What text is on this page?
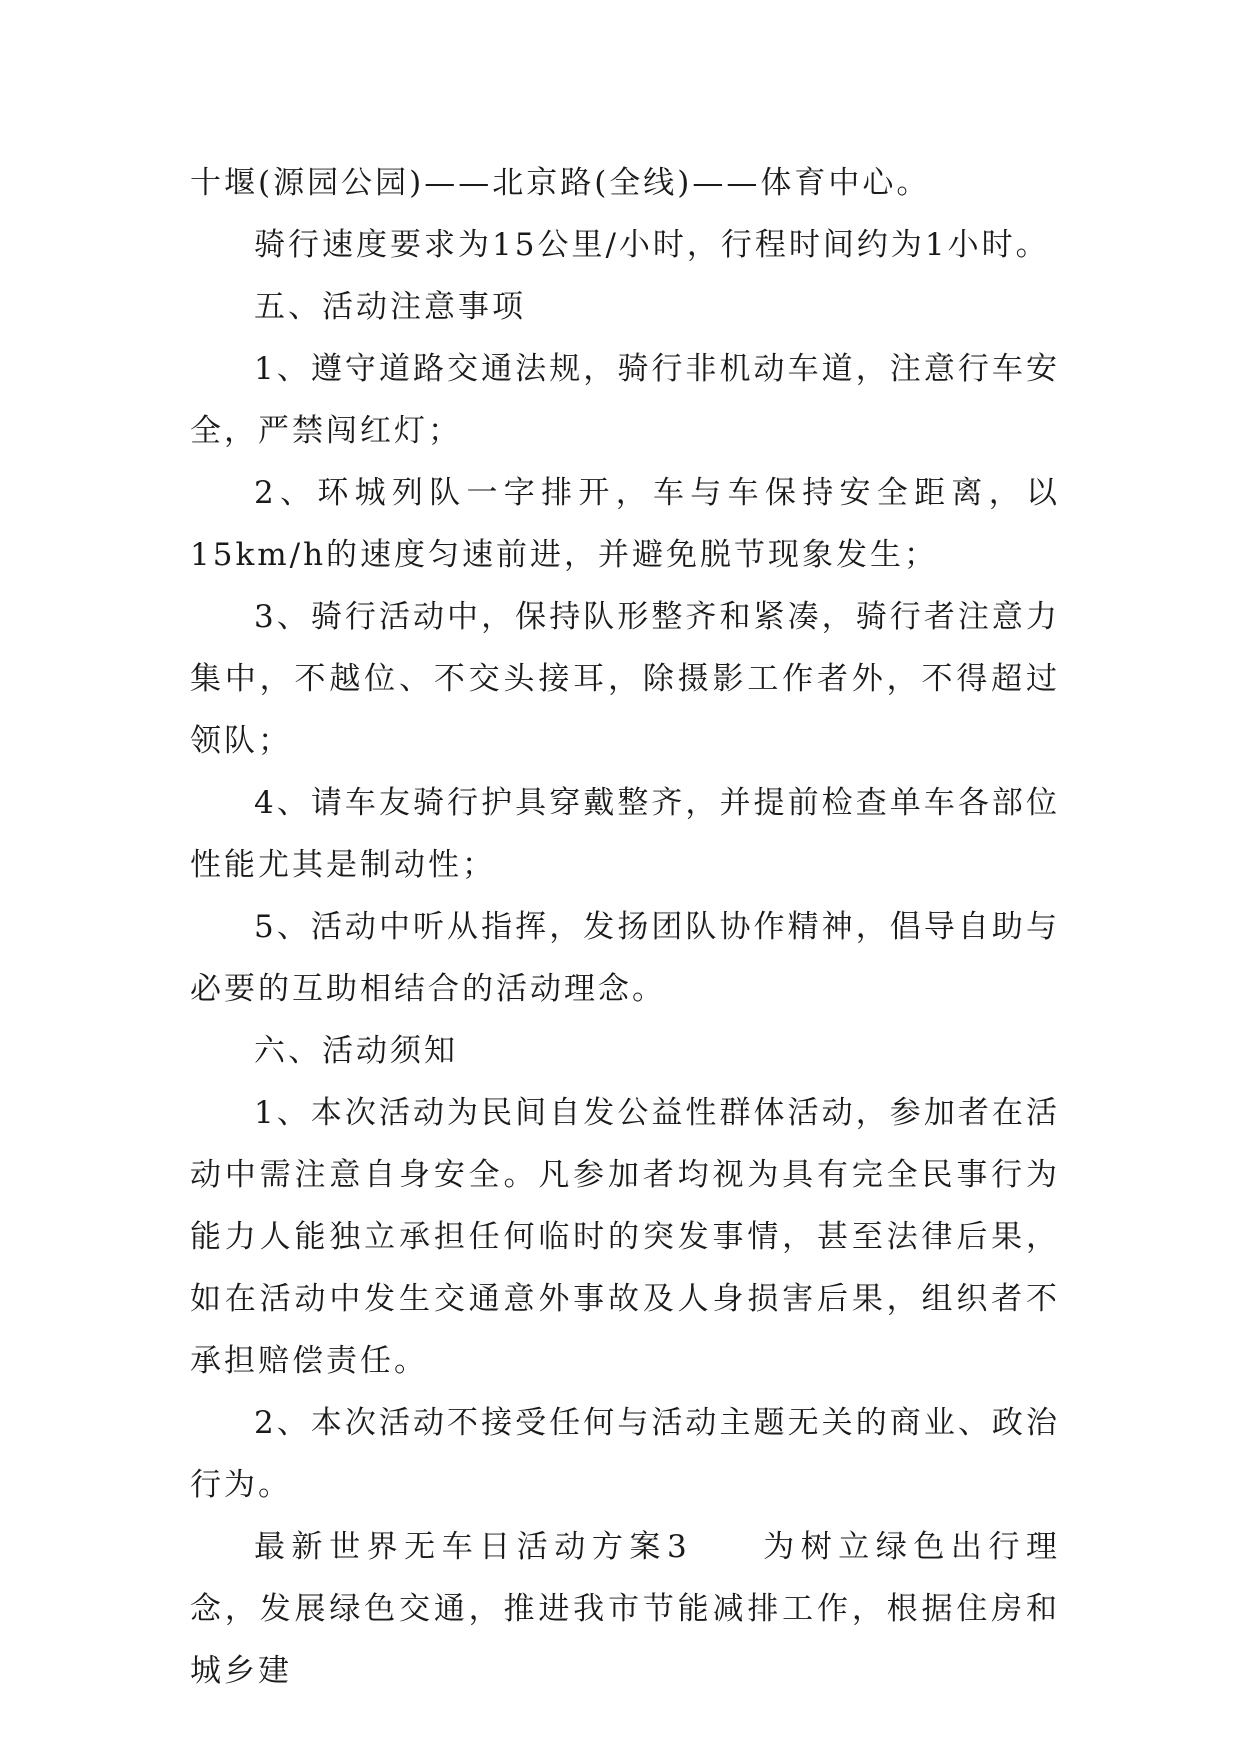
十堰(源园公园)——北京路(全线)——体育中心。

骑行速度要求为15公里/小时，行程时间约为1小时。

五、活动注意事项

1、遵守道路交通法规，骑行非机动车道，注意行车安全，严禁闯红灯；

2、环城列队一字排开，车与车保持安全距离，以15km/h的速度匀速前进，并避免脱节现象发生；

3、骑行活动中，保持队形整齐和紧凑，骑行者注意力集中，不越位、不交头接耳，除摄影工作者外，不得超过领队；

4、请车友骑行护具穿戴整齐，并提前检查单车各部位性能尤其是制动性；

5、活动中听从指挥，发扬团队协作精神，倡导自助与必要的互助相结合的活动理念。

六、活动须知

1、本次活动为民间自发公益性群体活动，参加者在活动中需注意自身安全。凡参加者均视为具有完全民事行为能力人能独立承担任何临时的突发事情，甚至法律后果，如在活动中发生交通意外事故及人身损害后果，组织者不承担赔偿责任。

2、本次活动不接受任何与活动主题无关的商业、政治行为。

最新世界无车日活动方案3 为树立绿色出行理念，发展绿色交通，推进我市节能减排工作，根据住房和城乡建
